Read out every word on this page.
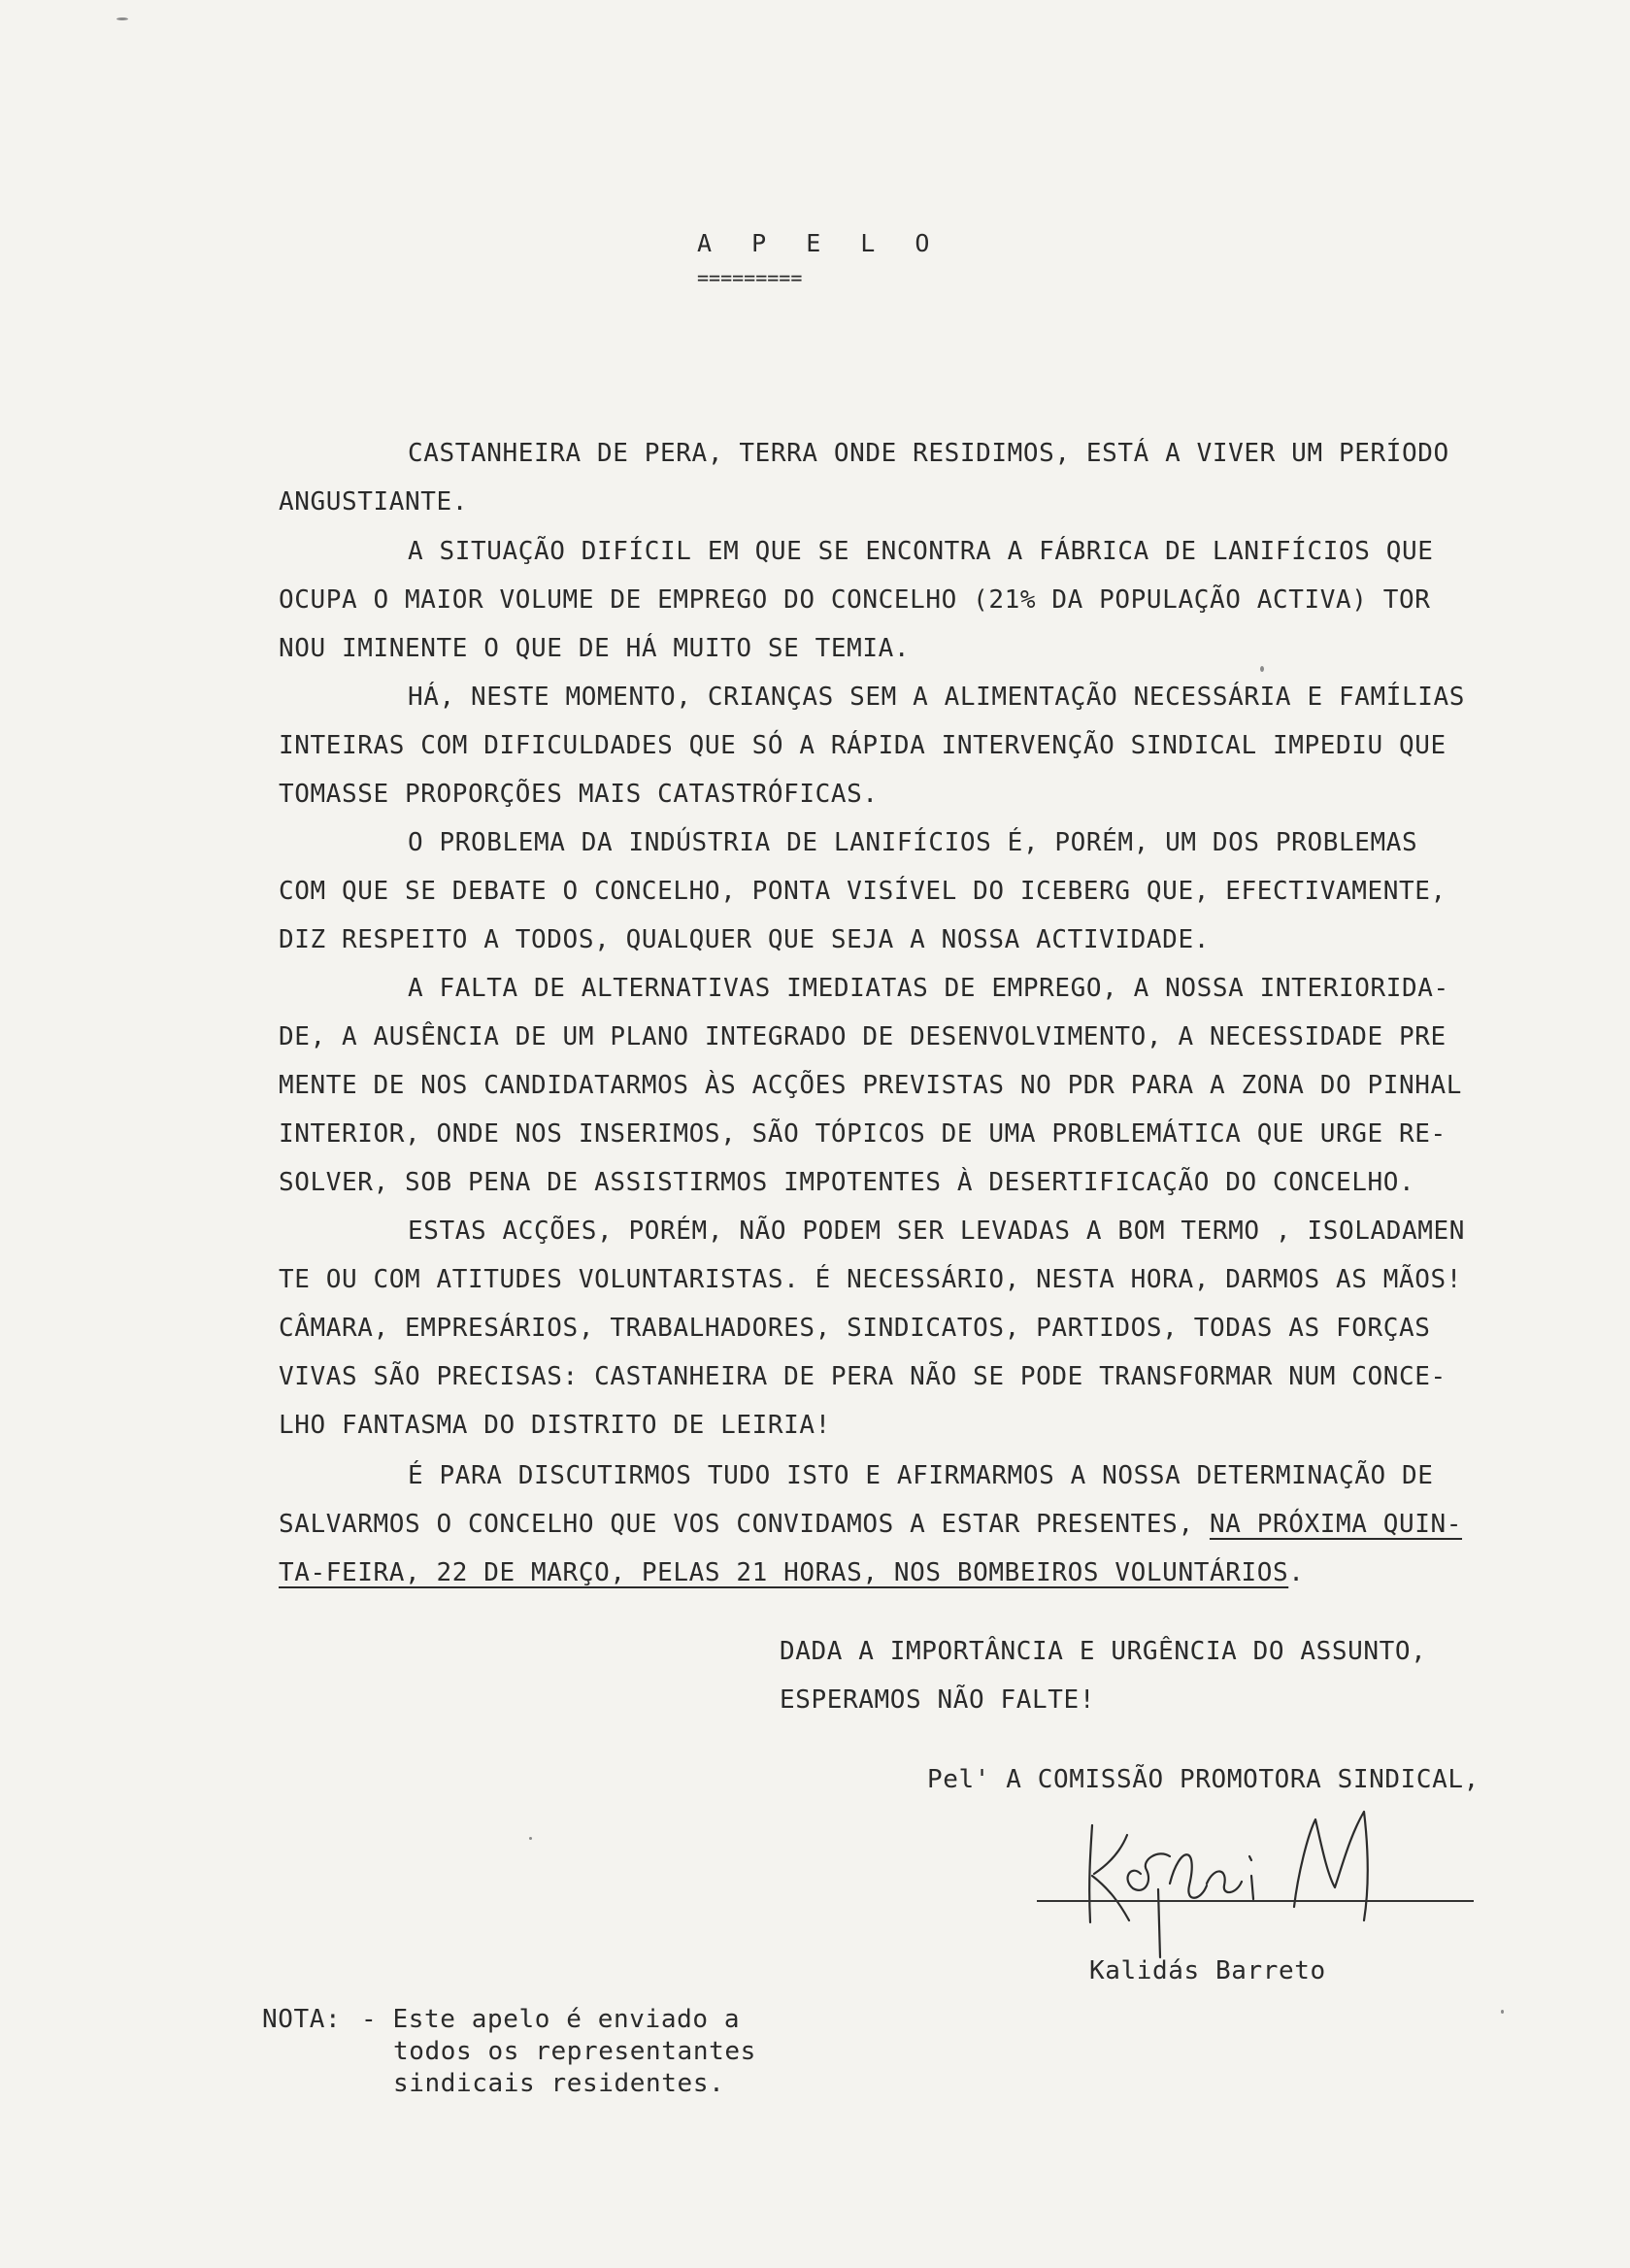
A P E L O
=========
CASTANHEIRA DE PERA, TERRA ONDE RESIDIMOS, ESTÁ A VIVER UM PERÍODO
ANGUSTIANTE.
A SITUAÇÃO DIFÍCIL EM QUE SE ENCONTRA A FÁBRICA DE LANIFÍCIOS QUE
OCUPA O MAIOR VOLUME DE EMPREGO DO CONCELHO (21% DA POPULAÇÃO ACTIVA) TOR
NOU IMINENTE O QUE DE HÁ MUITO SE TEMIA.
HÁ, NESTE MOMENTO, CRIANÇAS SEM A ALIMENTAÇÃO NECESSÁRIA E FAMÍLIAS
INTEIRAS COM DIFICULDADES QUE SÓ A RÁPIDA INTERVENÇÃO SINDICAL IMPEDIU QUE
TOMASSE PROPORÇÕES MAIS CATASTRÓFICAS.
O PROBLEMA DA INDÚSTRIA DE LANIFÍCIOS É, PORÉM, UM DOS PROBLEMAS
COM QUE SE DEBATE O CONCELHO, PONTA VISÍVEL DO ICEBERG QUE, EFECTIVAMENTE,
DIZ RESPEITO A TODOS, QUALQUER QUE SEJA A NOSSA ACTIVIDADE.
A FALTA DE ALTERNATIVAS IMEDIATAS DE EMPREGO, A NOSSA INTERIORIDA-
DE, A AUSÊNCIA DE UM PLANO INTEGRADO DE DESENVOLVIMENTO, A NECESSIDADE PRE
MENTE DE NOS CANDIDATARMOS ÀS ACÇÕES PREVISTAS NO PDR PARA A ZONA DO PINHAL
INTERIOR, ONDE NOS INSERIMOS, SÃO TÓPICOS DE UMA PROBLEMÁTICA QUE URGE RE-
SOLVER, SOB PENA DE ASSISTIRMOS IMPOTENTES À DESERTIFICAÇÃO DO CONCELHO.
ESTAS ACÇÕES, PORÉM, NÃO PODEM SER LEVADAS A BOM TERMO , ISOLADAMEN
TE OU COM ATITUDES VOLUNTARISTAS. É NECESSÁRIO, NESTA HORA, DARMOS AS MÃOS!
CÂMARA, EMPRESÁRIOS, TRABALHADORES, SINDICATOS, PARTIDOS, TODAS AS FORÇAS
VIVAS SÃO PRECISAS: CASTANHEIRA DE PERA NÃO SE PODE TRANSFORMAR NUM CONCE-
LHO FANTASMA DO DISTRITO DE LEIRIA!
É PARA DISCUTIRMOS TUDO ISTO E AFIRMARMOS A NOSSA DETERMINAÇÃO DE
SALVARMOS O CONCELHO QUE VOS CONVIDAMOS A ESTAR PRESENTES, NA PRÓXIMA QUIN-
TA-FEIRA, 22 DE MARÇO, PELAS 21 HORAS, NOS BOMBEIROS VOLUNTÁRIOS.
DADA A IMPORTÂNCIA E URGÊNCIA DO ASSUNTO,
ESPERAMOS NÃO FALTE!
Pel' A COMISSÃO PROMOTORA SINDICAL,
Kalidás Barreto
NOTA: - Este apelo é enviado a
todos os representantes
sindicais residentes.
